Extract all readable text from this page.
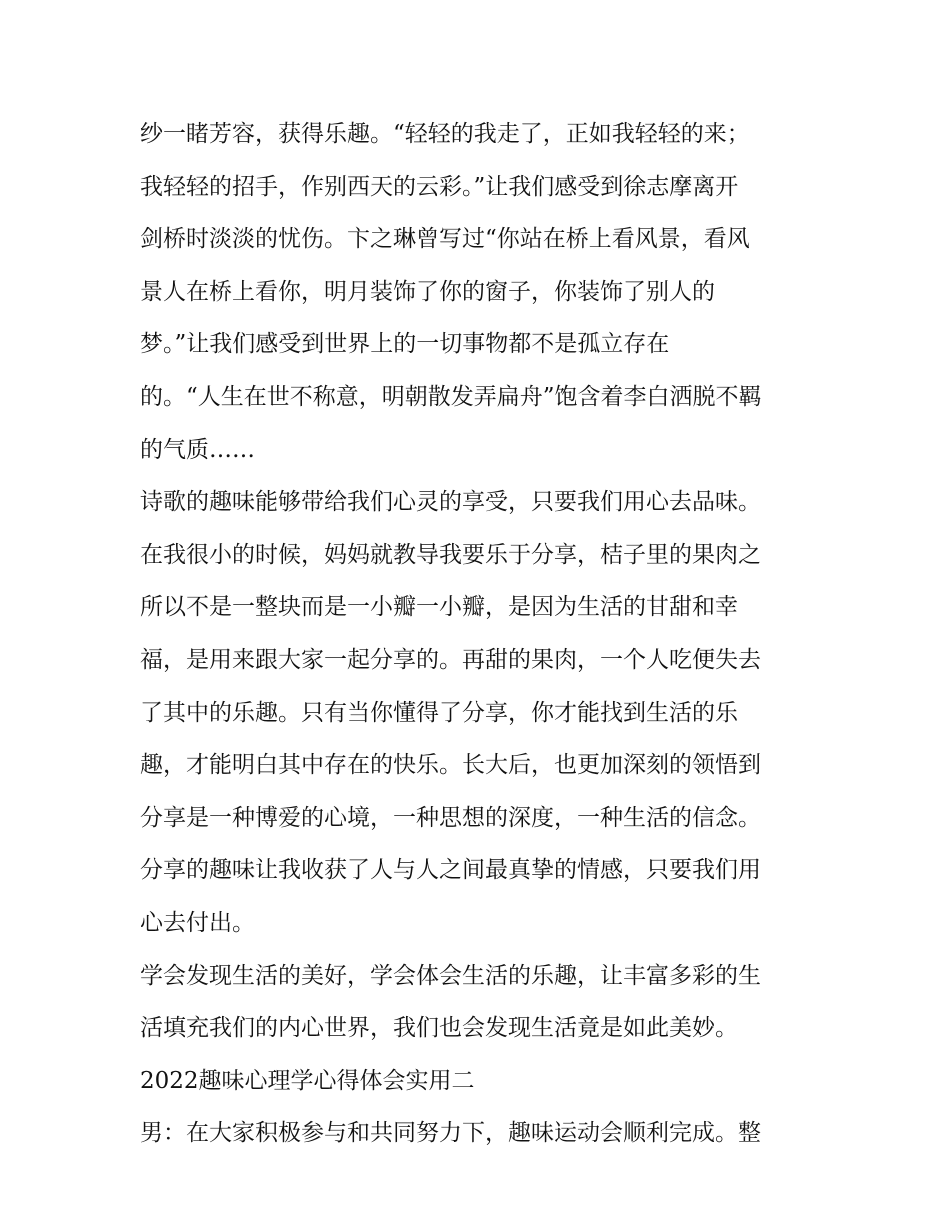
纱一睹芳容，获得乐趣。“轻轻的我走了，正如我轻轻的来；
我轻轻的招手，作别西天的云彩。”让我们感受到徐志摩离开
剑桥时淡淡的忧伤。卞之琳曾写过“你站在桥上看风景，看风
景人在桥上看你，明月装饰了你的窗子，你装饰了别人的
梦。”让我们感受到世界上的一切事物都不是孤立存在
的。“人生在世不称意，明朝散发弄扁舟”饱含着李白洒脱不羁
的气质……
诗歌的趣味能够带给我们心灵的享受，只要我们用心去品味。
在我很小的时候，妈妈就教导我要乐于分享，桔子里的果肉之
所以不是一整块而是一小瓣一小瓣，是因为生活的甘甜和幸
福，是用来跟大家一起分享的。再甜的果肉，一个人吃便失去
了其中的乐趣。只有当你懂得了分享，你才能找到生活的乐
趣，才能明白其中存在的快乐。长大后，也更加深刻的领悟到
分享是一种博爱的心境，一种思想的深度，一种生活的信念。
分享的趣味让我收获了人与人之间最真挚的情感，只要我们用
心去付出。
学会发现生活的美好，学会体会生活的乐趣，让丰富多彩的生
活填充我们的内心世界，我们也会发现生活竟是如此美妙。
2022趣味心理学心得体会实用二
男：在大家积极参与和共同努力下，趣味运动会顺利完成。整
